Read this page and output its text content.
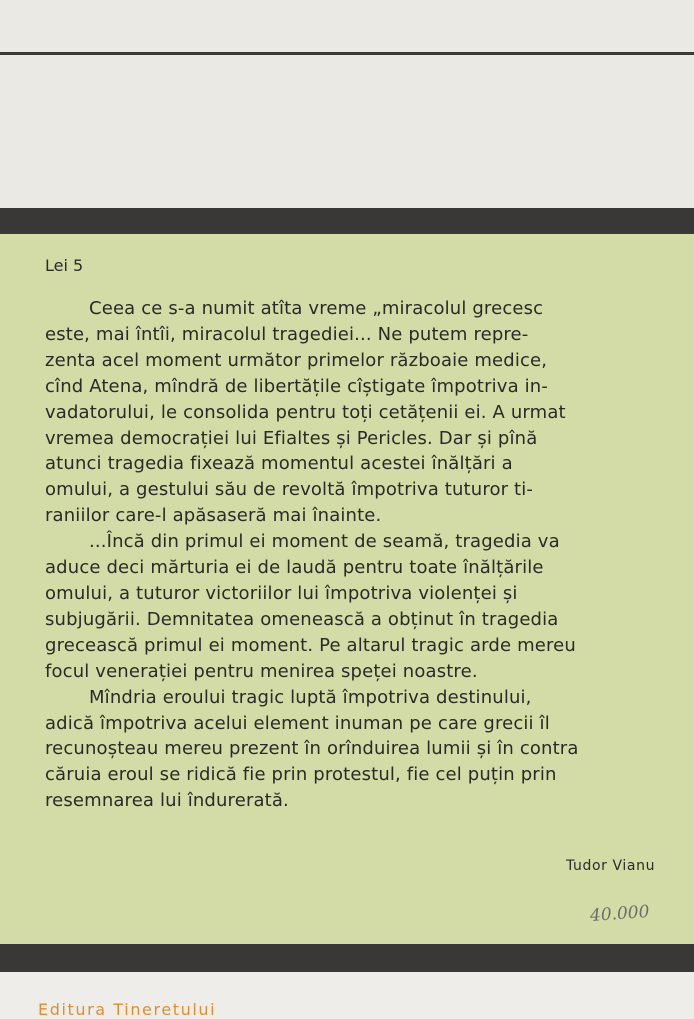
Lei 5
Ceea ce s-a numit atîta vreme „miracolul grecesc
este, mai întîi, miracolul tragediei... Ne putem repre-
zenta acel moment următor primelor războaie medice,
cînd Atena, mîndră de libertățile cîștigate împotriva in-
vadatorului, le consolida pentru toți cetățenii ei. A urmat
vremea democrației lui Efialtes și Pericles. Dar și pînă
atunci tragedia fixează momentul acestei înălțări a
omului, a gestului său de revoltă împotriva tuturor ti-
raniilor care-l apăsaseră mai înainte.
...Încă din primul ei moment de seamă, tragedia va
aduce deci mărturia ei de laudă pentru toate înălțările
omului, a tuturor victoriilor lui împotriva violenței și
subjugării. Demnitatea omenească a obținut în tragedia
grecească primul ei moment. Pe altarul tragic arde mereu
focul venerației pentru menirea speței noastre.
Mîndria eroului tragic luptă împotriva destinului,
adică împotriva acelui element inuman pe care grecii îl
recunoșteau mereu prezent în orînduirea lumii și în contra
căruia eroul se ridică fie prin protestul, fie cel puțin prin
resemnarea lui îndurerată.
Tudor Vianu
40.000
Editura Tineretului
